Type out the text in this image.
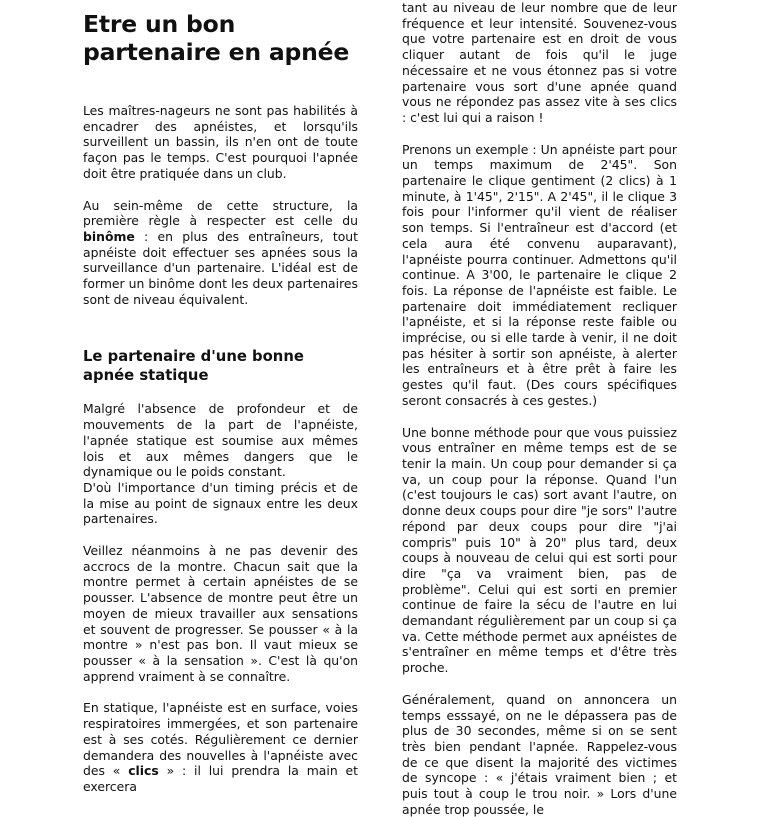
Etre un bon partenaire en apnée

Les maîtres-nageurs ne sont pas habilités à encadrer des apnéistes, et lorsqu'ils surveillent un bassin, ils n'en ont de toute façon pas le temps. C'est pourquoi l'apnée doit être pratiquée dans un club.

Au sein-même de cette structure, la première règle à respecter est celle du binôme : en plus des entraîneurs, tout apnéiste doit effectuer ses apnées sous la surveillance d'un partenaire. L'idéal est de former un binôme dont les deux partenaires sont de niveau équivalent.

Le partenaire d'une bonne apnée statique

Malgré l'absence de profondeur et de mouvements de la part de l'apnéiste, l'apnée statique est soumise aux mêmes lois et aux mêmes dangers que le dynamique ou le poids constant.

D'où l'importance d'un timing précis et de la mise au point de signaux entre les deux partenaires.

Veillez néanmoins à ne pas devenir des accrocs de la montre. Chacun sait que la montre permet à certain apnéistes de se pousser. L'absence de montre peut être un moyen de mieux travailler aux sensations et souvent de progresser. Se pousser « à la montre » n'est pas bon. Il vaut mieux se pousser « à la sensation ». C'est là qu'on apprend vraiment à se connaître.

En statique, l'apnéiste est en surface, voies respiratoires immergées, et son partenaire est à ses cotés. Régulièrement ce dernier demandera des nouvelles à l'apnéiste avec des « clics » : il lui prendra la main et exercera

tant au niveau de leur nombre que de leur fréquence et leur intensité. Souvenez-vous que votre partenaire est en droit de vous cliquer autant de fois qu'il le juge nécessaire et ne vous étonnez pas si votre partenaire vous sort d'une apnée quand vous ne répondez pas assez vite à ses clics : c'est lui qui a raison !

Prenons un exemple : Un apnéiste part pour un temps maximum de 2'45". Son partenaire le clique gentiment (2 clics) à 1 minute, à 1'45", 2'15". A 2'45", il le clique 3 fois pour l'informer qu'il vient de réaliser son temps. Si l'entraîneur est d'accord (et cela aura été convenu auparavant), l'apnéiste pourra continuer. Admettons qu'il continue. A 3'00, le partenaire le clique 2 fois. La réponse de l'apnéiste est faible. Le partenaire doit immédiatement recliquer l'apnéiste, et si la réponse reste faible ou imprécise, ou si elle tarde à venir, il ne doit pas hésiter à sortir son apnéiste, à alerter les entraîneurs et à être prêt à faire les gestes qu'il faut. (Des cours spécifiques seront consacrés à ces gestes.)

Une bonne méthode pour que vous puissiez vous entraîner en même temps est de se tenir la main. Un coup pour demander si ça va, un coup pour la réponse. Quand l'un (c'est toujours le cas) sort avant l'autre, on donne deux coups pour dire "je sors" l'autre répond par deux coups pour dire "j'ai compris" puis 10" à 20" plus tard, deux coups à nouveau de celui qui est sorti pour dire "ça va vraiment bien, pas de problème". Celui qui est sorti en premier continue de faire la sécu de l'autre en lui demandant régulièrement par un coup si ça va. Cette méthode permet aux apnéistes de s'entraîner en même temps et d'être très proche.

Généralement, quand on annoncera un temps esssayé, on ne le dépassera pas de plus de 30 secondes, même si on se sent très bien pendant l'apnée. Rappelez-vous de ce que disent la majorité des victimes de syncope : « j'étais vraiment bien ; et puis tout à coup le trou noir. » Lors d'une apnée trop poussée, le
